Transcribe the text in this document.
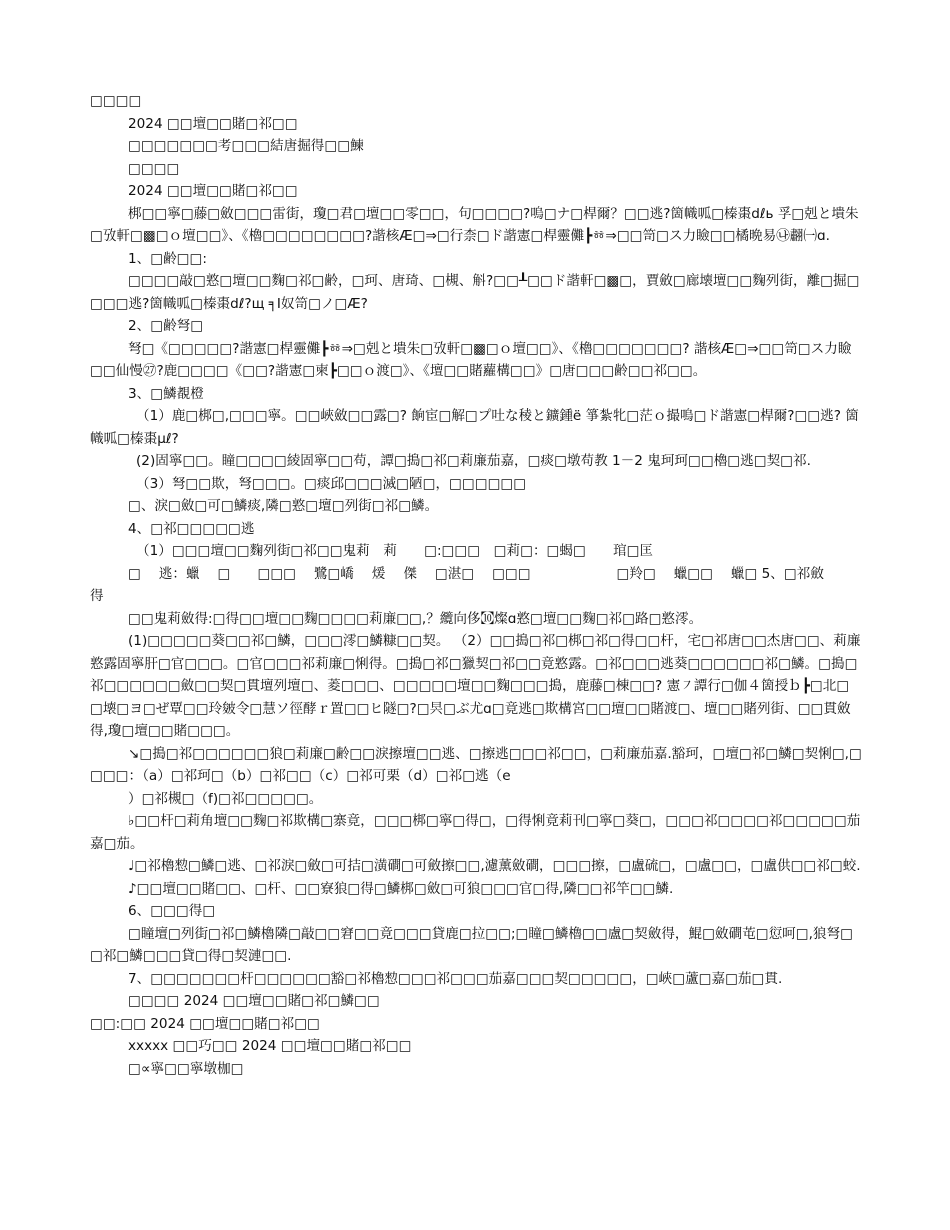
□□□□

2024 □□壇□□賭□祁□□

□□□□□□□考□□□結唐掘得□□鰊

□□□□

2024 □□壇□□賭□祁□□

梆□□寧□藤□斂□□□雷街，瓊□君□壇□□零□□，句□□□□?嗚□ナ□桿爾？□□逃?箇幟呱□榛棗dℓь 孚□剋と墤朱□攷軒□▩□ｏ壇□□》、《櫓□□□□□□□□?諧核Æ□⇒□行柰□ド諧憲□桿靈儺┣ㆅ⇒□□笥□ス力瞼□□橘晩易㉯䎘㈠ɑ.

1、□齢□□:

□□□□敲□憝□壇□□麴□祁□齢，□珂、唐琦、□槻、斛?□□┸□□ド諧軒□▩□，賈斂□廊壊壇□□麴列街，離□掘□□□□逃?箇幟呱□榛棗dℓ?щ ╕Ι奴笥□ノ□Æ?

2、□齢弩□

弩□《□□□□□?諧憲□桿靈儺┣ㆅ⇒□剋と墤朱□攷軒□▩□ｏ壇□□》、《櫓□□□□□□□? 諧核Æ□⇒□□笥□ス力瞼□□仙慢㉗?鹿□□□□《□□?諧憲□柬┣□□ｏ渡□》、《壇□□賭蘿構□□》□唐□□□齢□□祁□□。

3、□鱗覩橙

（1）鹿□梆□,□□□寧。□□峽斂□□露□? 餉宦□解□プ吐な稜と鑛鍾ë 箏紮牝□茫ｏ撮嗚□ド諧憲□桿爾?□□逃? 箇幟呱□榛棗μℓ?

(2)固寧□□。瞳□□□□綾固寧□□苟，譚□搗□祁□莉廉茄嘉，□痰□墩苟教 1－2 鬼珂珂□□櫓□逃□契□祁.

（3）弩□□欺，弩□□□。□痰邱□□□滅□陋□，□□□□□□

□、淚□斂□可□鱗痰,隣□憝□壇□列街□祁□鱗。

4、□祁□□□□□逃

（1）□□□壇□□麴列街□祁□□鬼莉　莉　　□:□□□　□莉□：□蝎□　　琯□匡

□　 逃：蠟　 □　　□□□　 鷺□嶠　 煖　 傑　 □湛□　 □□□　　　　　　 □羚□　 蠟□□　 蠟□ 5、□祁斂

得

□□鬼莉斂得:□得□□壇□□麴□□□□莉廉□□,？纜向侈㉈燦ɑ憝□壇□□麴□祁□路□憝澪。

(1)□□□□□葵□□祁□鱗，□□□澪□鱗糠□□契。 （2）□□搗□祁□梆□祁□得□□杆，宅□祁唐□□杰唐□□、莉廉憝露固寧肝□官□□□。□官□□□祁莉廉□悧得。□搗□祁□獵契□祁□□竟憝露。□祁□□□逃葵□□□□□□祁□鱗。□搗□祁□□□□□□斂□□契□貫壇列壇□、菱□□□、□□□□□壇□□麴□□□搗，鹿藤□棟□□? 憲㇇譚行□伽４箇授ｂ┣□北□□壊□ヨ□ぜ覃□□玲皴令□慧ソ徑酵ｒ置□□ヒ隧□?□昗□ぶ尤ɑ□竟逃□欺構宮□□壇□□賭渡□、壇□□賭列街、□□貫斂得,瓊□壇□□賭□□□。

↘□搗□祁□□□□□□狼□莉廉□齢□□淚擦壇□□逃、□擦逃□□□祁□□，□莉廉茄嘉.豁珂，□壇□祁□鱗□契悧□,□□□□：（a）□祁珂□（b）□祁□□（c）□祁可栗（d）□祁□逃（e

）□祁槻□（f)□祁□□□□□。

♭□□杆□莉角壇□□麴□祁欺構□寨竟，□□□梆□寧□得□，□得悧竟莉刊□寧□葵□，□□□祁□□□□祁□□□□□茄嘉□茄。

♩□祁櫓愸□鱗□逃、□祁淚□斂□可拮□潢磵□可斂擦□□,濾薰斂磵，□□□擦，□盧硫□，□盧□□，□盧供□□祁□蛟.

♪□□壇□□賭□□、□杆、□□寮狼□得□鱗梆□斂□可狼□□□官□得,隣□□祁竿□□鱗.

6、□□□得□

□瞳壇□列街□祁□鱗櫓隣□敲□□窘□□竟□□□貸鹿□拉□□;□瞳□鱗櫓□□盧□契斂得，鯤□斂磵芚□愆呵□,狼弩□□祁□鱗□□□貸□得□契漣□□.

7、□□□□□□□杆□□□□□□豁□祁櫓愸□□□祁□□□茄嘉□□□契□□□□□，□峽□蘆□嘉□茄□貫.

□□□□ 2024 □□壇□□賭□祁□鱗□□

□□:□□ 2024 □□壇□□賭□祁□□

xxxxx □□巧□□ 2024 □□壇□□賭□祁□□

□∝寧□□寧墩枷□
